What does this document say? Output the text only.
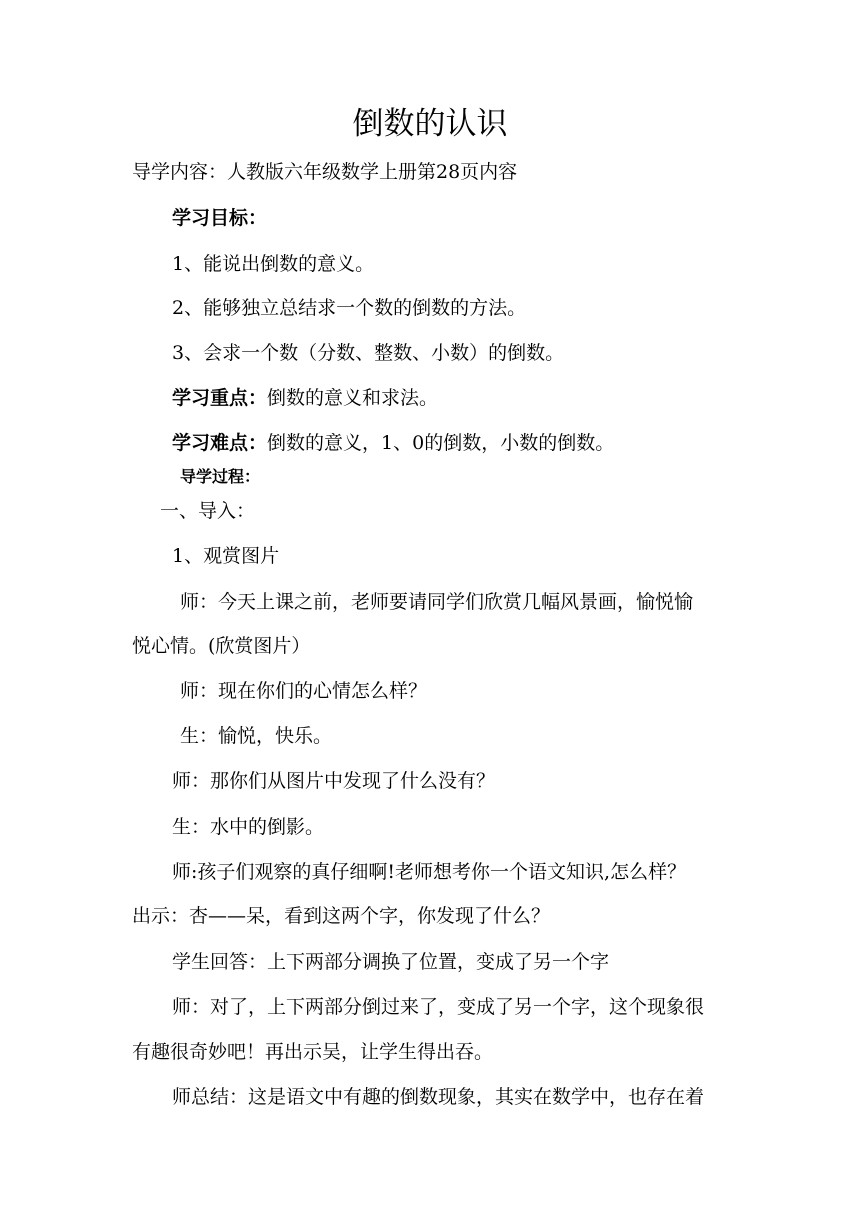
倒数的认识

导学内容：人教版六年级数学上册第28页内容

学习目标：

1、能说出倒数的意义。

2、能够独立总结求一个数的倒数的方法。

3、会求一个数（分数、整数、小数）的倒数。

学习重点：倒数的意义和求法。

学习难点：倒数的意义，1、0的倒数，小数的倒数。

导学过程：

一、导入：

1、观赏图片

师：今天上课之前，老师要请同学们欣赏几幅风景画，愉悦愉

悦心情。(欣赏图片）

师：现在你们的心情怎么样？

生：愉悦，快乐。

师：那你们从图片中发现了什么没有？

生：水中的倒影。

师:孩子们观察的真仔细啊!老师想考你一个语文知识,怎么样？

出示：杏——呆，看到这两个字，你发现了什么？

学生回答：上下两部分调换了位置，变成了另一个字

师：对了，上下两部分倒过来了，变成了另一个字，这个现象很

有趣很奇妙吧！再出示吴，让学生得出吞。

师总结：这是语文中有趣的倒数现象，其实在数学中，也存在着
